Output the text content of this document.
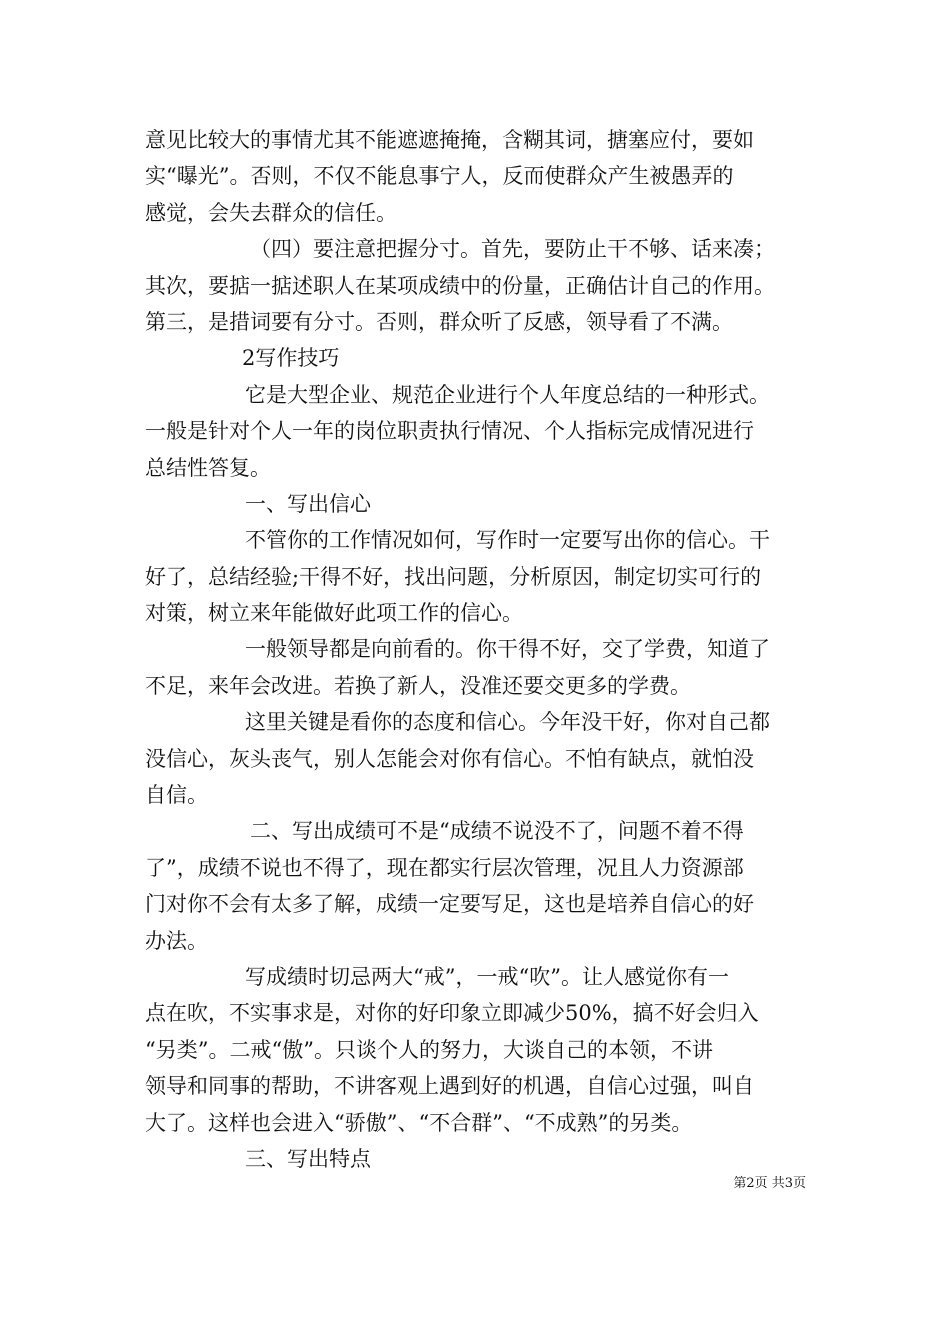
意见比较大的事情尤其不能遮遮掩掩，含糊其词，搪塞应付，要如
实“曝光”。否则，不仅不能息事宁人，反而使群众产生被愚弄的
感觉，会失去群众的信任。
（四）要注意把握分寸。首先，要防止干不够、话来凑；
其次，要掂一掂述职人在某项成绩中的份量，正确估计自己的作用。
第三，是措词要有分寸。否则，群众听了反感，领导看了不满。
2写作技巧
它是大型企业、规范企业进行个人年度总结的一种形式。
一般是针对个人一年的岗位职责执行情况、个人指标完成情况进行
总结性答复。
一、写出信心
不管你的工作情况如何，写作时一定要写出你的信心。干
好了，总结经验;干得不好，找出问题，分析原因，制定切实可行的
对策，树立来年能做好此项工作的信心。
一般领导都是向前看的。你干得不好，交了学费，知道了
不足，来年会改进。若换了新人，没准还要交更多的学费。
这里关键是看你的态度和信心。今年没干好，你对自己都
没信心，灰头丧气，别人怎能会对你有信心。不怕有缺点，就怕没
自信。
二、写出成绩可不是“成绩不说没不了，问题不着不得
了”，成绩不说也不得了，现在都实行层次管理，况且人力资源部
门对你不会有太多了解，成绩一定要写足，这也是培养自信心的好
办法。
写成绩时切忌两大“戒”，一戒“吹”。让人感觉你有一
点在吹，不实事求是，对你的好印象立即减少50%，搞不好会归入
“另类”。二戒“傲”。只谈个人的努力，大谈自己的本领，不讲
领导和同事的帮助，不讲客观上遇到好的机遇，自信心过强，叫自
大了。这样也会进入“骄傲”、“不合群”、“不成熟”的另类。
三、写出特点
第2页 共3页
